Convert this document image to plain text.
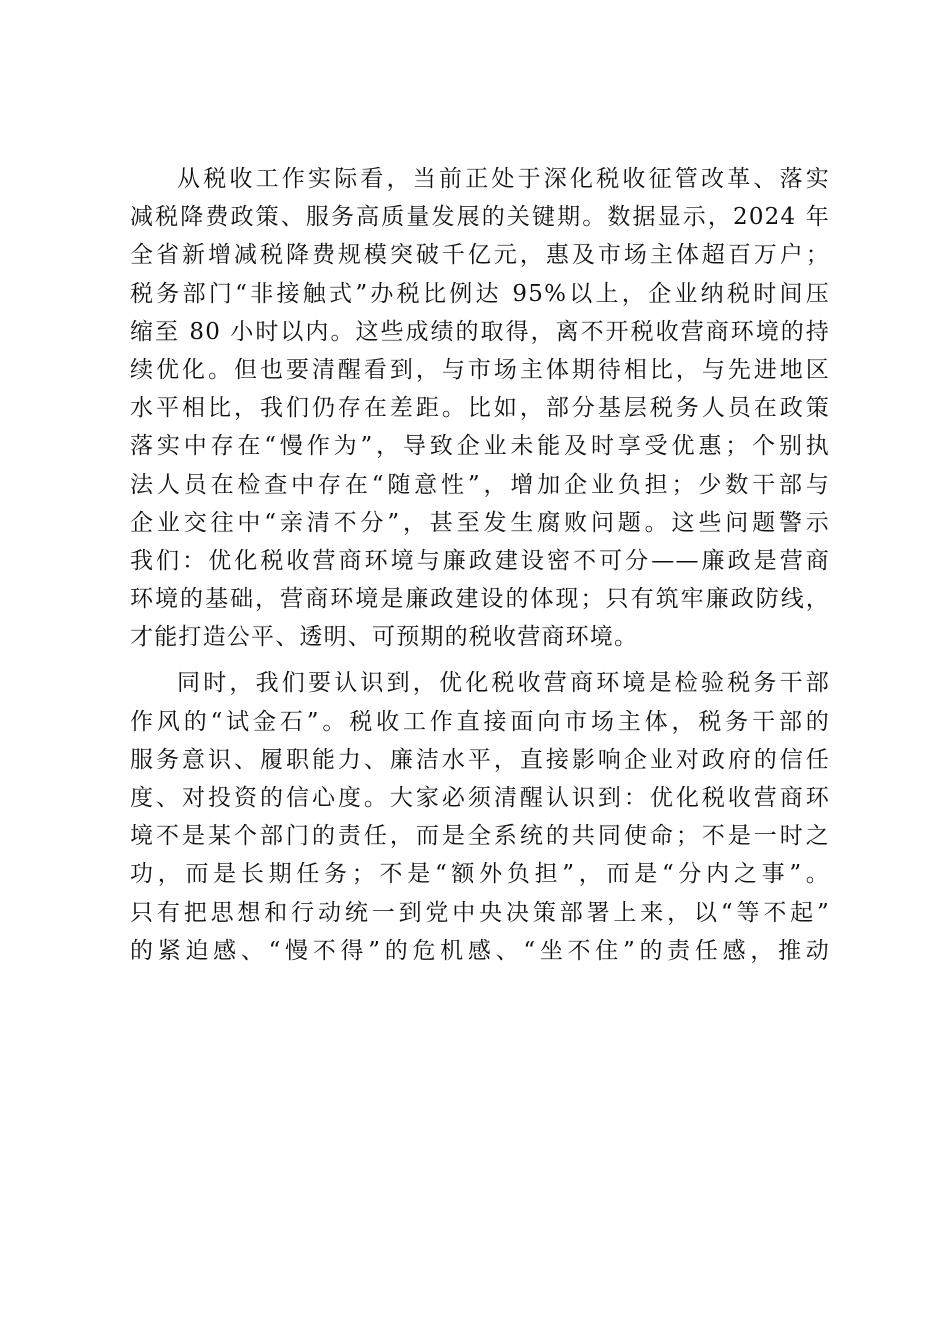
从税收工作实际看，当前正处于深化税收征管改革、落实
减税降费政策、服务高质量发展的关键期。数据显示，2024 年
全省新增减税降费规模突破千亿元，惠及市场主体超百万户；
税务部门“非接触式”办税比例达 95%以上，企业纳税时间压
缩至 80 小时以内。这些成绩的取得，离不开税收营商环境的持
续优化。但也要清醒看到，与市场主体期待相比，与先进地区
水平相比，我们仍存在差距。比如，部分基层税务人员在政策
落实中存在“慢作为”，导致企业未能及时享受优惠；个别执
法人员在检查中存在“随意性”，增加企业负担；少数干部与
企业交往中“亲清不分”，甚至发生腐败问题。这些问题警示
我们：优化税收营商环境与廉政建设密不可分——廉政是营商
环境的基础，营商环境是廉政建设的体现；只有筑牢廉政防线，
才能打造公平、透明、可预期的税收营商环境。
同时，我们要认识到，优化税收营商环境是检验税务干部
作风的“试金石”。税收工作直接面向市场主体，税务干部的
服务意识、履职能力、廉洁水平，直接影响企业对政府的信任
度、对投资的信心度。大家必须清醒认识到：优化税收营商环
境不是某个部门的责任，而是全系统的共同使命；不是一时之
功，而是长期任务；不是“额外负担”，而是“分内之事”。
只有把思想和行动统一到党中央决策部署上来，以“等不起”
的紧迫感、“慢不得”的危机感、“坐不住”的责任感，推动
